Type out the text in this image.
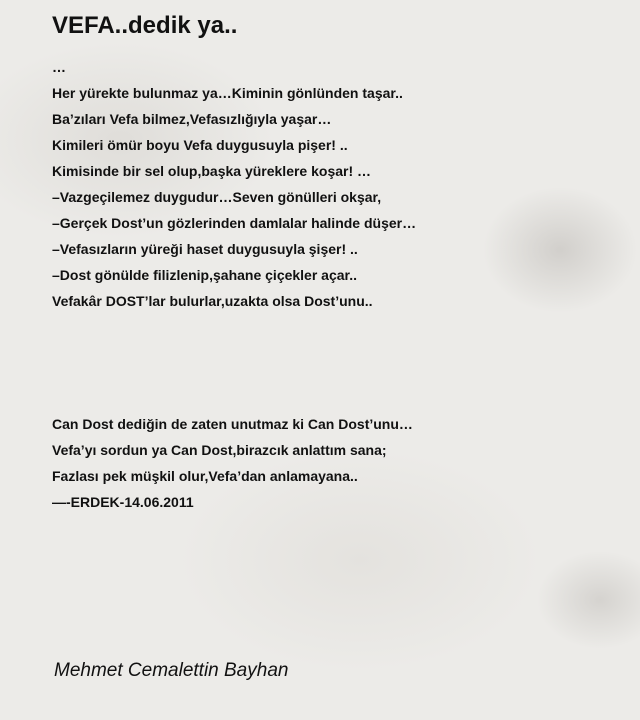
VEFA..dedik ya..
…
Her yürekte bulunmaz ya…Kiminin gönlünden taşar..
Ba’zıları Vefa bilmez,Vefasızlığıyla yaşar…
Kimileri ömür boyu Vefa duygusuyla pişer! ..
Kimisinde bir sel olup,başka yüreklere koşar! …
–Vazgeçilemez duygudur…Seven gönülleri okşar,
–Gerçek Dost’un gözlerinden damlalar halinde düşer…
–Vefasızların yüreği haset duygusuyla şişer! ..
–Dost gönülde filizlenip,şahane çiçekler açar..
Vefakâr DOST’lar bulurlar,uzakta olsa Dost’unu..
Can Dost dediğin de zaten unutmaz ki Can Dost’unu…
Vefa’yı sordun ya Can Dost,birazcık anlattım sana;
Fazlası pek müşkil olur,Vefa’dan anlamayana..
—-ERDEK-14.06.2011
Mehmet Cemalettin Bayhan
